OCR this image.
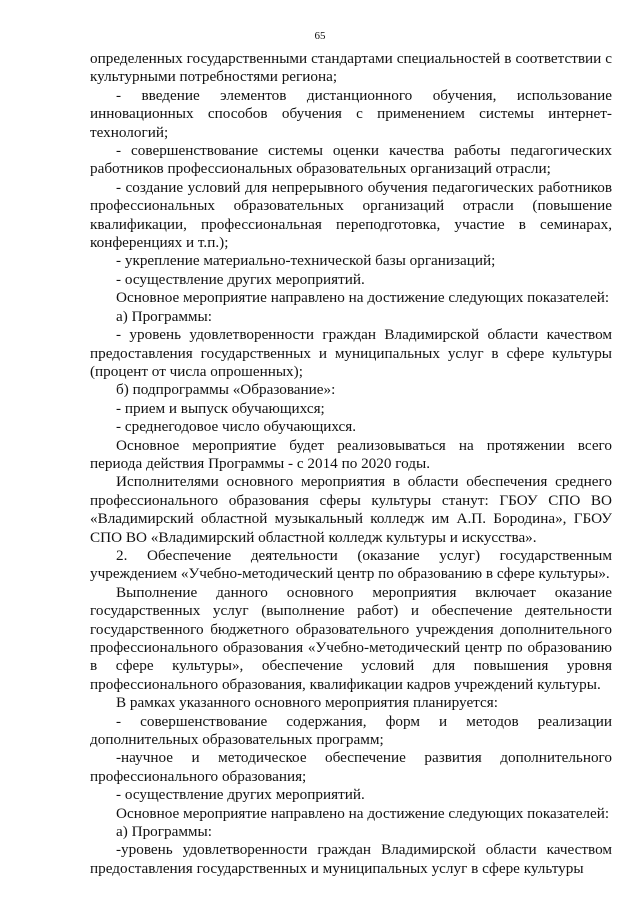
65

определенных государственными стандартами специальностей в соответствии с культурными потребностями региона;

- введение элементов дистанционного обучения, использование инновационных способов обучения с применением системы интернет-технологий;

- совершенствование системы оценки качества работы педагогических работников профессиональных образовательных организаций отрасли;

- создание условий для непрерывного обучения педагогических работников профессиональных образовательных организаций отрасли (повышение квалификации, профессиональная переподготовка, участие в семинарах, конференциях и т.п.);

- укрепление материально-технической базы организаций;

- осуществление других мероприятий.

Основное мероприятие направлено на достижение следующих показателей:

а) Программы:

- уровень удовлетворенности граждан Владимирской области качеством предоставления государственных и муниципальных услуг в сфере культуры (процент от числа опрошенных);

б) подпрограммы «Образование»:

- прием и выпуск обучающихся;

- среднегодовое число обучающихся.

Основное мероприятие будет реализовываться на протяжении всего периода действия Программы - с 2014 по 2020 годы.

Исполнителями основного мероприятия в области обеспечения среднего профессионального образования сферы культуры станут: ГБОУ СПО ВО «Владимирский областной музыкальный колледж им А.П. Бородина», ГБОУ СПО ВО «Владимирский областной колледж культуры и искусства».

2. Обеспечение деятельности (оказание услуг) государственным учреждением «Учебно-методический центр по образованию в сфере культуры».

Выполнение данного основного мероприятия включает оказание государственных услуг (выполнение работ) и обеспечение деятельности государственного бюджетного образовательного учреждения дополнительного профессионального образования «Учебно-методический центр по образованию в сфере культуры», обеспечение условий для повышения уровня профессионального образования, квалификации кадров учреждений культуры.

В рамках указанного основного мероприятия планируется:

- совершенствование содержания, форм и методов реализации дополнительных образовательных программ;

-научное и методическое обеспечение развития дополнительного профессионального образования;

- осуществление других мероприятий.

Основное мероприятие направлено на достижение следующих показателей:

а) Программы:

-уровень удовлетворенности граждан Владимирской области качеством предоставления государственных и муниципальных услуг в сфере культуры
